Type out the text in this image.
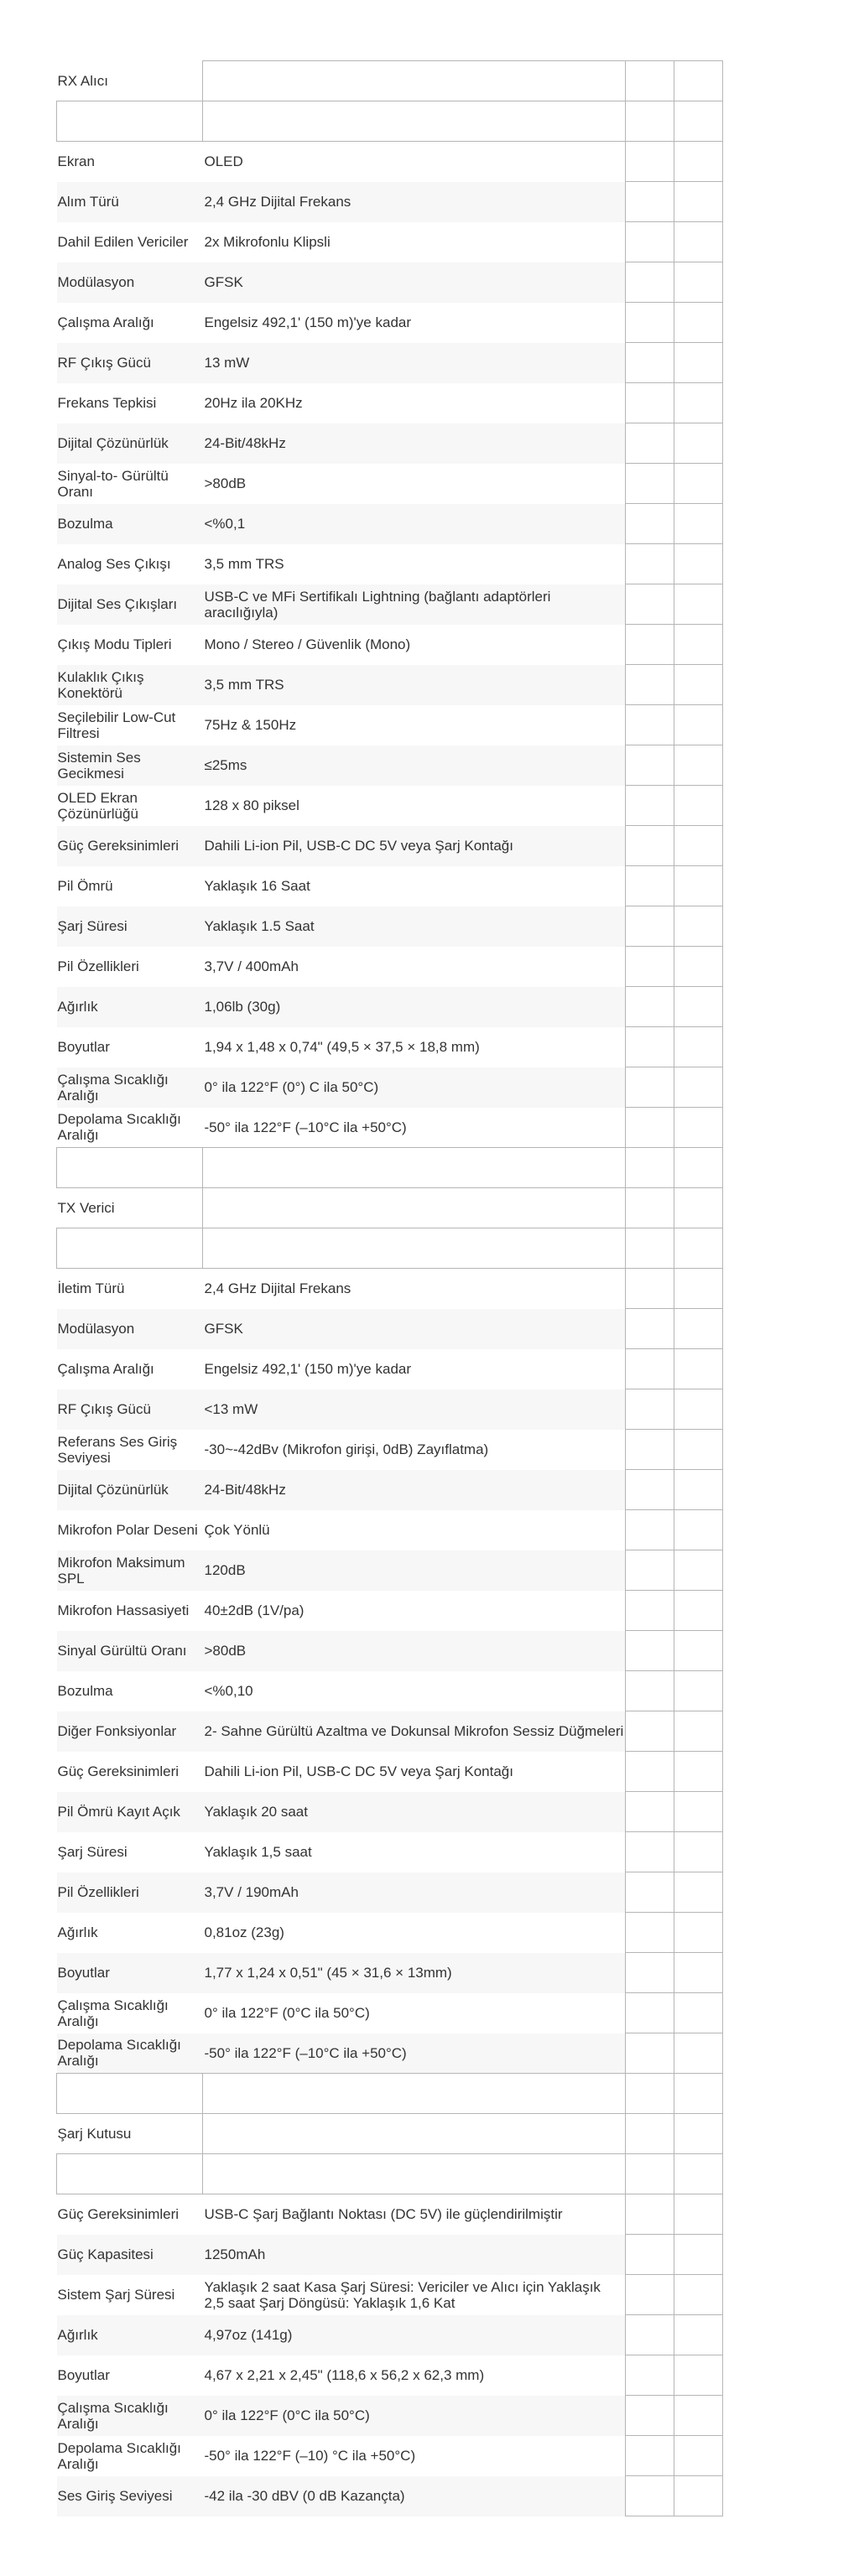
RX Alıcı			

Ekran	OLED		
Alım Türü	2,4 GHz Dijital Frekans		
Dahil Edilen Vericiler	2x Mikrofonlu Klipsli		
Modülasyon	GFSK		
Çalışma Aralığı	Engelsiz 492,1' (150 m)'ye kadar		
RF Çıkış Gücü	13 mW		
Frekans Tepkisi	20Hz ila 20KHz		
Dijital Çözünürlük	24-Bit/48kHz		
Sinyal-to- Gürültü Oranı	>80dB		
Bozulma	<%0,1		
Analog Ses Çıkışı	3,5 mm TRS		
Dijital Ses Çıkışları	USB-C ve MFi Sertifikalı Lightning (bağlantı adaptörleri aracılığıyla)		
Çıkış Modu Tipleri	Mono / Stereo / Güvenlik (Mono)		
Kulaklık Çıkış Konektörü	3,5 mm TRS		
Seçilebilir Low-Cut Filtresi	75Hz & 150Hz		
Sistemin Ses Gecikmesi	≤25ms		
OLED Ekran Çözünürlüğü	128 x 80 piksel		
Güç Gereksinimleri	Dahili Li-ion Pil, USB-C DC 5V veya Şarj Kontağı		
Pil Ömrü	Yaklaşık 16 Saat		
Şarj Süresi	Yaklaşık 1.5 Saat		
Pil Özellikleri	3,7V / 400mAh		
Ağırlık	1,06lb (30g)		
Boyutlar	1,94 x 1,48 x 0,74" (49,5 × 37,5 × 18,8 mm)		
Çalışma Sıcaklığı Aralığı	0° ila 122°F (0°) C ila 50°C)		
Depolama Sıcaklığı Aralığı	-50° ila 122°F (–10°C ila +50°C)		

TX Verici			

İletim Türü	2,4 GHz Dijital Frekans		
Modülasyon	GFSK		
Çalışma Aralığı	Engelsiz 492,1' (150 m)'ye kadar		
RF Çıkış Gücü	<13 mW		
Referans Ses Giriş Seviyesi	-30~-42dBv (Mikrofon girişi, 0dB) Zayıflatma)		
Dijital Çözünürlük	24-Bit/48kHz		
Mikrofon Polar Deseni	Çok Yönlü		
Mikrofon Maksimum SPL	120dB		
Mikrofon Hassasiyeti	40±2dB (1V/pa)		
Sinyal Gürültü Oranı	>80dB		
Bozulma	<%0,10		
Diğer Fonksiyonlar	2- Sahne Gürültü Azaltma ve Dokunsal Mikrofon Sessiz Düğmeleri		
Güç Gereksinimleri	Dahili Li-ion Pil, USB-C DC 5V veya Şarj Kontağı		
Pil Ömrü Kayıt Açık	Yaklaşık 20 saat		
Şarj Süresi	Yaklaşık 1,5 saat		
Pil Özellikleri	3,7V / 190mAh		
Ağırlık	0,81oz (23g)		
Boyutlar	1,77 x 1,24 x 0,51" (45 × 31,6 × 13mm)		
Çalışma Sıcaklığı Aralığı	0° ila 122°F (0°C ila 50°C)		
Depolama Sıcaklığı Aralığı	-50° ila 122°F (–10°C ila +50°C)		

Şarj Kutusu			

Güç Gereksinimleri	USB-C Şarj Bağlantı Noktası (DC 5V) ile güçlendirilmiştir		
Güç Kapasitesi	1250mAh		
Sistem Şarj Süresi	Yaklaşık 2 saat Kasa Şarj Süresi: Vericiler ve Alıcı için Yaklaşık 2,5 saat Şarj Döngüsü: Yaklaşık 1,6 Kat		
Ağırlık	4,97oz (141g)		
Boyutlar	4,67 x 2,21 x 2,45" (118,6 x 56,2 x 62,3 mm)		
Çalışma Sıcaklığı Aralığı	0° ila 122°F (0°C ila 50°C)		
Depolama Sıcaklığı Aralığı	-50° ila 122°F (–10) °C ila +50°C)		
Ses Giriş Seviyesi	-42 ila -30 dBV (0 dB Kazançta)		
